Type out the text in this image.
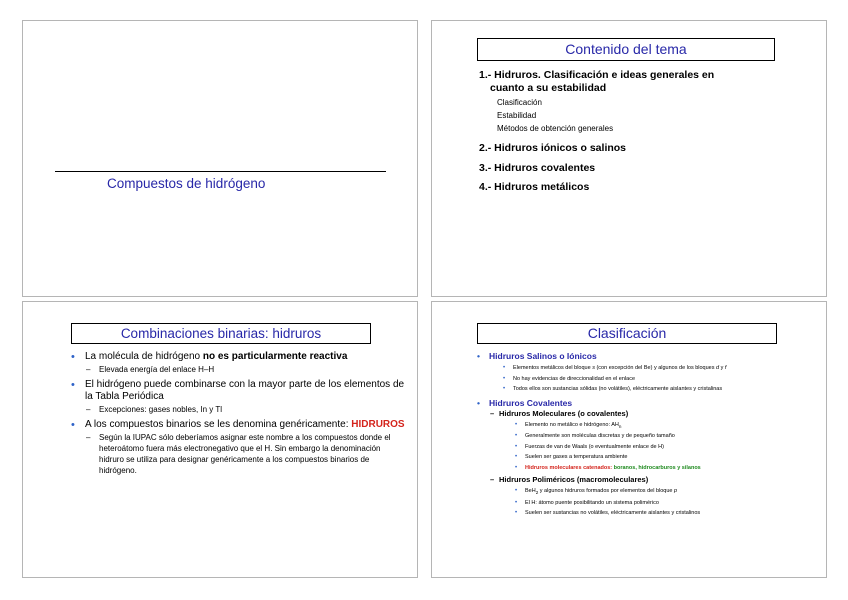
Compuestos de hidrógeno
Contenido del tema
1.- Hidruros. Clasificación e ideas generales en
cuanto a su estabilidad
Clasificación
Estabilidad
Métodos de obtención generales
2.- Hidruros iónicos o salinos
3.- Hidruros covalentes
4.- Hidruros metálicos
Combinaciones binarias: hidruros
• La molécula de hidrógeno no es particularmente reactiva
– Elevada energía del enlace H–H
• El hidrógeno puede combinarse con la mayor parte de los elementos de la Tabla Periódica
– Excepciones: gases nobles, In y Tl
• A los compuestos binarios se les denomina genéricamente: HIDRUROS
– Según la IUPAC sólo deberíamos asignar este nombre a los compuestos donde el heteroátomo fuera más electronegativo que el H. Sin embargo la denominación hidruro se utiliza para designar genéricamente a los compuestos binarios de hidrógeno.
Clasificación
• Hidruros Salinos o Iónicos
• Elementos metálicos del bloque s (con excepción del Be) y algunos de los bloques d y f
• No hay evidencias de direccionalidad en el enlace
• Todos ellos son sustancias sólidas (no volátiles), eléctricamente aislantes y cristalinas
• Hidruros Covalentes
– Hidruros Moleculares (o covalentes)
• Elemento no metálico e hidrógeno: $AH_n$
• Generalmente son moléculas discretas y de pequeño tamaño
• Fuerzas de van de Waals (o eventualmente enlace de H)
• Suelen ser gases a temperatura ambiente
• Hidruros moleculares catenados: boranos, hidrocarburos y silanos
– Hidruros Poliméricos (macromoleculares)
• BeH$_2$ y algunos hidruros formados por elementos del bloque p
• El H: átomo puente posibilitando un sistema polimérico
• Suelen ser sustancias no volátiles, eléctricamente aislantes y cristalinos
